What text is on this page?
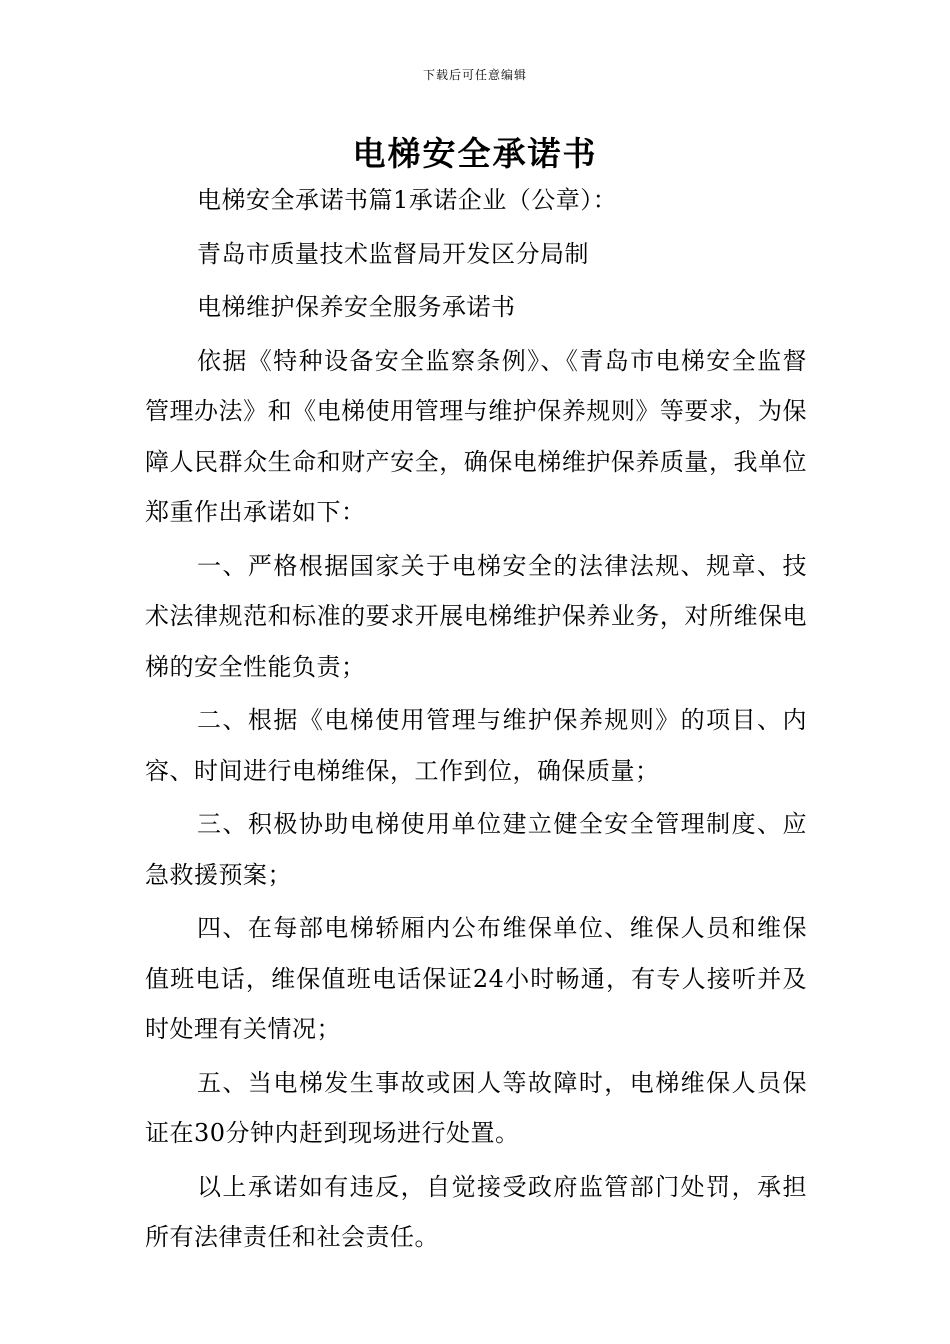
下载后可任意编辑
电梯安全承诺书

电梯安全承诺书篇1承诺企业（公章）：

青岛市质量技术监督局开发区分局制

电梯维护保养安全服务承诺书

依据《特种设备安全监察条例》、《青岛市电梯安全监督管理办法》和《电梯使用管理与维护保养规则》等要求，为保障人民群众生命和财产安全，确保电梯维护保养质量，我单位郑重作出承诺如下：

一、严格根据国家关于电梯安全的法律法规、规章、技术法律规范和标准的要求开展电梯维护保养业务，对所维保电梯的安全性能负责；

二、根据《电梯使用管理与维护保养规则》的项目、内容、时间进行电梯维保，工作到位，确保质量；

三、积极协助电梯使用单位建立健全安全管理制度、应急救援预案；

四、在每部电梯轿厢内公布维保单位、维保人员和维保值班电话，维保值班电话保证24小时畅通，有专人接听并及时处理有关情况；

五、当电梯发生事故或困人等故障时，电梯维保人员保证在30分钟内赶到现场进行处置。

以上承诺如有违反，自觉接受政府监管部门处罚，承担所有法律责任和社会责任。
